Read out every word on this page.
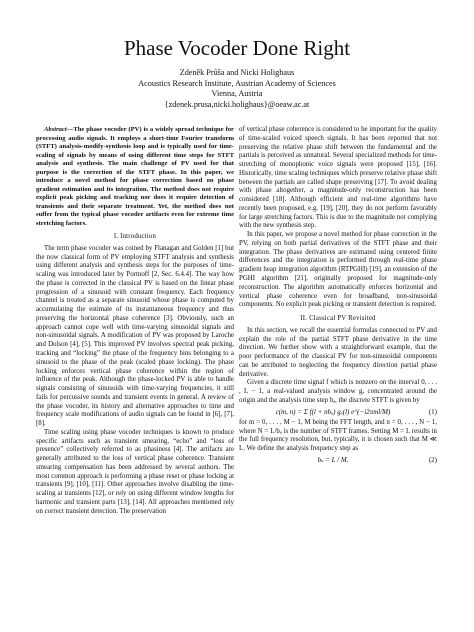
Phase Vocoder Done Right
Zdeněk Průša and Nicki Holighaus
Acoustics Research Institute, Austrian Academy of Sciences
Vienna, Austria
{zdenek.prusa,nicki.holighaus}@oeaw.ac.at

Abstract—The phase vocoder (PV) is a widely spread technique for processing audio signals. It employs a short-time Fourier transform (STFT) analysis-modify-synthesis loop and is typically used for time-scaling of signals by means of using different time steps for STFT analysis and synthesis. The main challenge of PV used for that purpose is the correction of the STFT phase. In this paper, we introduce a novel method for phase correction based on phase gradient estimation and its integration. The method does not require explicit peak picking and tracking nor does it require detection of transients and their separate treatment. Yet, the method does not suffer from the typical phase vocoder artifacts even for extreme time stretching factors.

I. Introduction

The term phase vocoder was coined by Flanagan and Golden [1] but the now classical form of PV employing STFT analysis and synthesis using different analysis and synthesis steps for the purposes of time-scaling was introduced later by Portnoff [2, Sec. 6.4.4]. The way how the phase is corrected in the classical PV is based on the linear phase progression of a sinusoid with constant frequency. Each frequency channel is treated as a separate sinusoid whose phase is computed by accumulating the estimate of its instantaneous frequency and thus preserving the horizontal phase coherence [3]. Obviously, such an approach cannot cope well with time-varying sinusoidal signals and non-sinusoidal signals. A modification of PV was proposed by Laroche and Dolson [4], [5]. This improved PV involves spectral peak picking, tracking and “locking” the phase of the frequency bins belonging to a sinusoid to the phase of the peak (scaled phase locking). The phase locking enforces vertical phase coherence within the region of influence of the peak. Although the phase-locked PV is able to handle signals consisting of sinusoids with time-varying frequencies, it still fails for percussive sounds and transient events in general. A review of the phase vocoder, its history and alternative approaches to time and frequency scale modifications of audio signals can be found in [6], [7], [8].

Time scaling using phase vocoder techniques is known to produce specific artifacts such as transient smearing, “echo” and “loss of presence” collectively referred to as phasiness [4]. The artifacts are generally attributed to the loss of vertical phase coherence. Transient smearing compensation has been addressed by several authors. The most common approach is performing a phase reset or phase locking at transients [9], [10], [11]. Other approaches involve disabling the time-scaling at transients [12], or rely on using different window lengths for harmonic and transient parts [13], [14]. All approaches mentioned rely on correct transient detection. The preservation

of vertical phase coherence is considered to be important for the quality of time-scaled voiced speech signals. It has been reported that not preserving the relative phase shift between the fundamental and the partials is perceived as unnatural. Several specialized methods for time-stretching of monophonic voice signals were proposed [15], [16]. Historically, time scaling techniques which preserve relative phase shift between the partials are called shape preserving [17]. To avoid dealing with phase altogether, a magnitude-only reconstruction has been considered [18]. Although efficient and real-time algorithms have recently been proposed, e.g. [19], [20], they do not perform favorably for large stretching factors. This is due to the magnitude not complying with the new synthesis step.

In this paper, we propose a novel method for phase correction in the PV, relying on both partial derivatives of the STFT phase and their integration. The phase derivatives are estimated using centered finite differences and the integration is performed through real-time phase gradient heap integration algorithm (RTPGHI) [19], an extension of the PGHI algorithm [21], originally proposed for magnitude-only reconstruction. The algorithm automatically enforces horizontal and vertical phase coherence even for broadband, non-sinusoidal components. No explicit peak picking or transient detection is required.

II. Classical PV Revisited

In this section, we recall the essential formulas connected to PV and explain the role of the partial STFT phase derivative in the time direction. We further show with a straightforward example, that the poor performance of the classical PV for non-sinusoidal components can be attributed to neglecting the frequency direction partial phase derivative.

Given a discrete time signal f which is nonzero on the interval 0, . . . , L − 1, a real-valued analysis window gₐ concentrated around the origin and the analysis time step bₐ, the discrete STFT is given by

c(m, n) = Σ f(l + nbₐ) gₐ(l) e^(−i2πml/M)	(1)

for m = 0, . . . , M − 1, M being the FFT length, and n = 0, . . . , N − 1, where N = L/bₐ is the number of STFT frames. Setting M = L results in the full frequency resolution, but, typically, it is chosen such that M ≪ L. We define the analysis frequency step as

bₛ = L / M.	(2)
